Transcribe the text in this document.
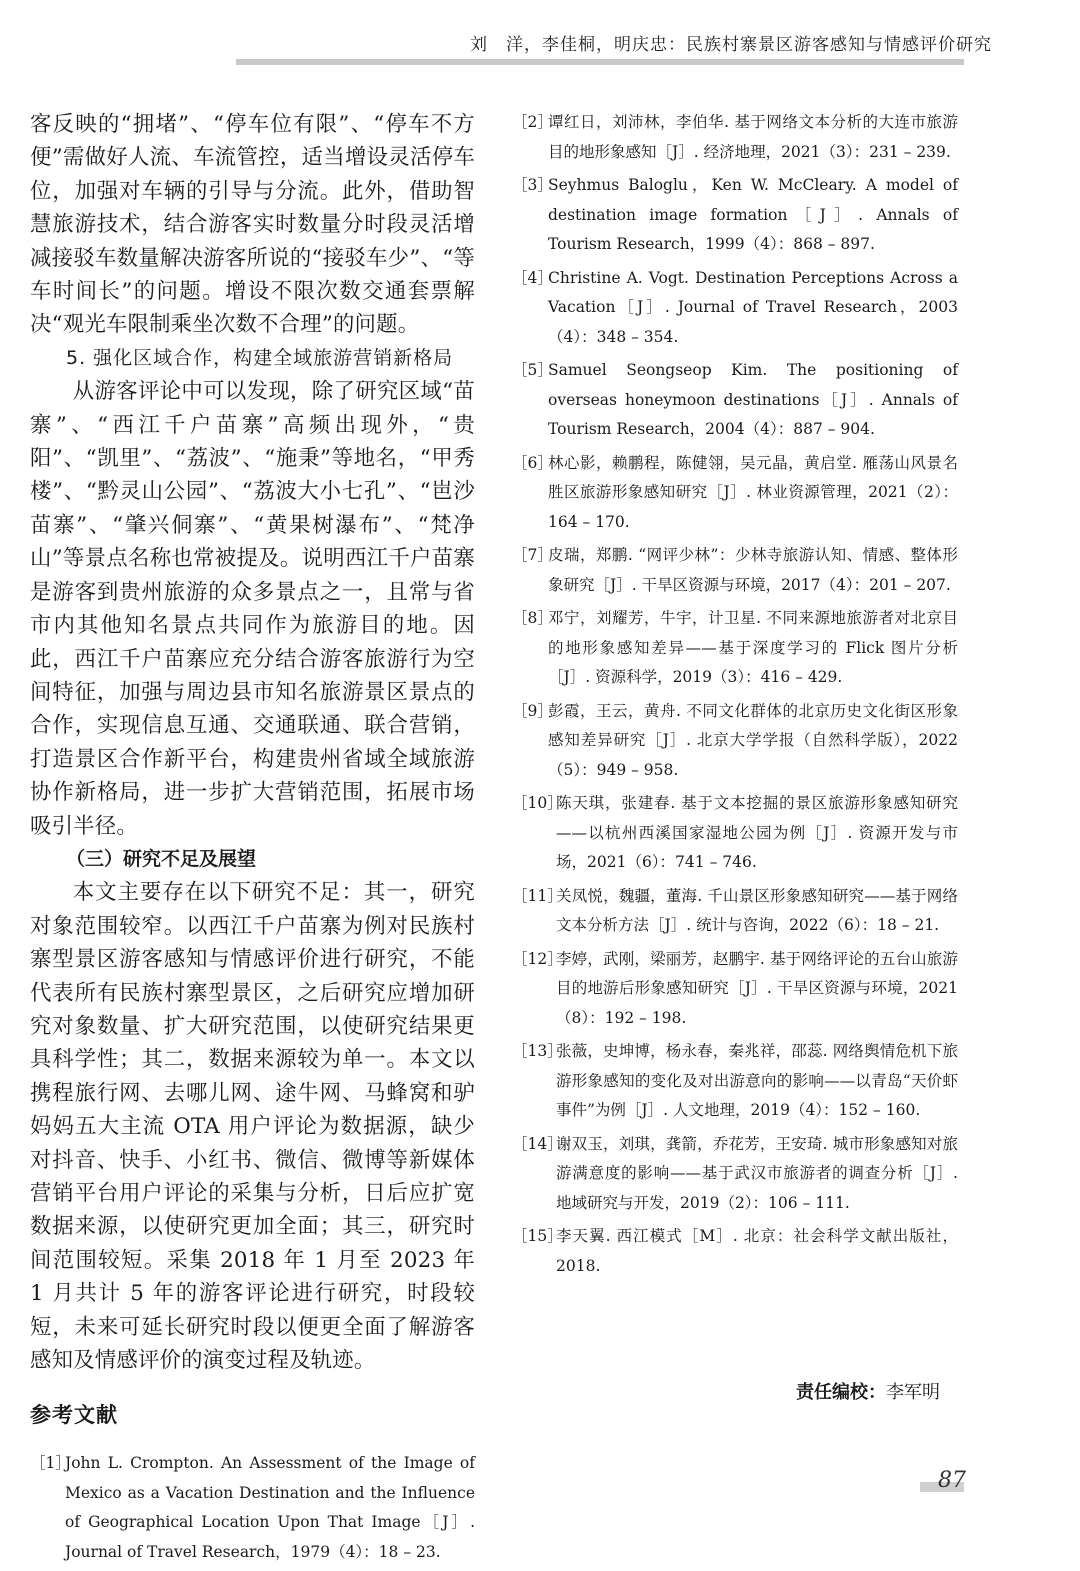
刘　洋，李佳桐，明庆忠：民族村寨景区游客感知与情感评价研究

客反映的“拥堵”、“停车位有限”、“停车不方便”需做好人流、车流管控，适当增设灵活停车位，加强对车辆的引导与分流。此外，借助智慧旅游技术，结合游客实时数量分时段灵活增减接驳车数量解决游客所说的“接驳车少”、“等车时间长”的问题。增设不限次数交通套票解决“观光车限制乘坐次数不合理”的问题。

5. 强化区域合作，构建全域旅游营销新格局

从游客评论中可以发现，除了研究区域“苗寨”、“西江千户苗寨”高频出现外，“贵阳”、“凯里”、“荔波”、“施秉”等地名，“甲秀楼”、“黔灵山公园”、“荔波大小七孔”、“岜沙苗寨”、“肇兴侗寨”、“黄果树瀑布”、“梵净山”等景点名称也常被提及。说明西江千户苗寨是游客到贵州旅游的众多景点之一，且常与省市内其他知名景点共同作为旅游目的地。因此，西江千户苗寨应充分结合游客旅游行为空间特征，加强与周边县市知名旅游景区景点的合作，实现信息互通、交通联通、联合营销，打造景区合作新平台，构建贵州省域全域旅游协作新格局，进一步扩大营销范围，拓展市场吸引半径。

（三）研究不足及展望

本文主要存在以下研究不足：其一，研究对象范围较窄。以西江千户苗寨为例对民族村寨型景区游客感知与情感评价进行研究，不能代表所有民族村寨型景区，之后研究应增加研究对象数量、扩大研究范围，以使研究结果更具科学性；其二，数据来源较为单一。本文以携程旅行网、去哪儿网、途牛网、马蜂窝和驴妈妈五大主流 OTA 用户评论为数据源，缺少对抖音、快手、小红书、微信、微博等新媒体营销平台用户评论的采集与分析，日后应扩宽数据来源，以使研究更加全面；其三，研究时间范围较短。采集 2018 年 1 月至 2023 年 1 月共计 5 年的游客评论进行研究，时段较短，未来可延长研究时段以便更全面了解游客感知及情感评价的演变过程及轨迹。

参考文献
［1］
John L. Crompton. An Assessment of the Image of Mexico as a Vacation Destination and the Influence of Geographical Location Upon That Image［J］. Journal of Travel Research，1979（4）：18 – 23.
［2］
谭红日，刘沛林，李伯华. 基于网络文本分析的大连市旅游目的地形象感知［J］. 经济地理，2021（3）：231 – 239.
［3］
Seyhmus Baloglu，Ken W. McCleary. A model of destination image formation［J］. Annals of Tourism Research，1999（4）：868 – 897.
［4］
Christine A. Vogt. Destination Perceptions Across a Vacation［J］. Journal of Travel Research，2003（4）：348 – 354.
［5］
Samuel Seongseop Kim. The positioning of overseas honeymoon destinations［J］. Annals of Tourism Research，2004（4）：887 – 904.
［6］
林心影，赖鹏程，陈健翎，吴元晶，黄启堂. 雁荡山风景名胜区旅游形象感知研究［J］. 林业资源管理，2021（2）：164 – 170.
［7］
皮瑞，郑鹏. “网评少林”：少林寺旅游认知、情感、整体形象研究［J］. 干旱区资源与环境，2017（4）：201 – 207.
［8］
邓宁，刘耀芳，牛宇，计卫星. 不同来源地旅游者对北京目的地形象感知差异——基于深度学习的 Flick 图片分析［J］. 资源科学，2019（3）：416 – 429.
［9］
彭霞，王云，黄舟. 不同文化群体的北京历史文化街区形象感知差异研究［J］. 北京大学学报（自然科学版），2022（5）：949 – 958.
［10］
陈天琪，张建春. 基于文本挖掘的景区旅游形象感知研究——以杭州西溪国家湿地公园为例［J］. 资源开发与市场，2021（6）：741 – 746.
［11］
关凤悦，魏疆，董海. 千山景区形象感知研究——基于网络文本分析方法［J］. 统计与咨询，2022（6）：18 – 21.
［12］
李婷，武刚，梁丽芳，赵鹏宇. 基于网络评论的五台山旅游目的地游后形象感知研究［J］. 干旱区资源与环境，2021（8）：192 – 198.
［13］
张薇，史坤博，杨永春，秦兆祥，邵蕊. 网络舆情危机下旅游形象感知的变化及对出游意向的影响——以青岛“天价虾事件”为例［J］. 人文地理，2019（4）：152 – 160.
［14］
谢双玉，刘琪，龚箭，乔花芳，王安琦. 城市形象感知对旅游满意度的影响——基于武汉市旅游者的调查分析［J］. 地域研究与开发，2019（2）：106 – 111.
［15］
李天翼. 西江模式［M］. 北京：社会科学文献出版社，2018.
责任编校：李军明
87
